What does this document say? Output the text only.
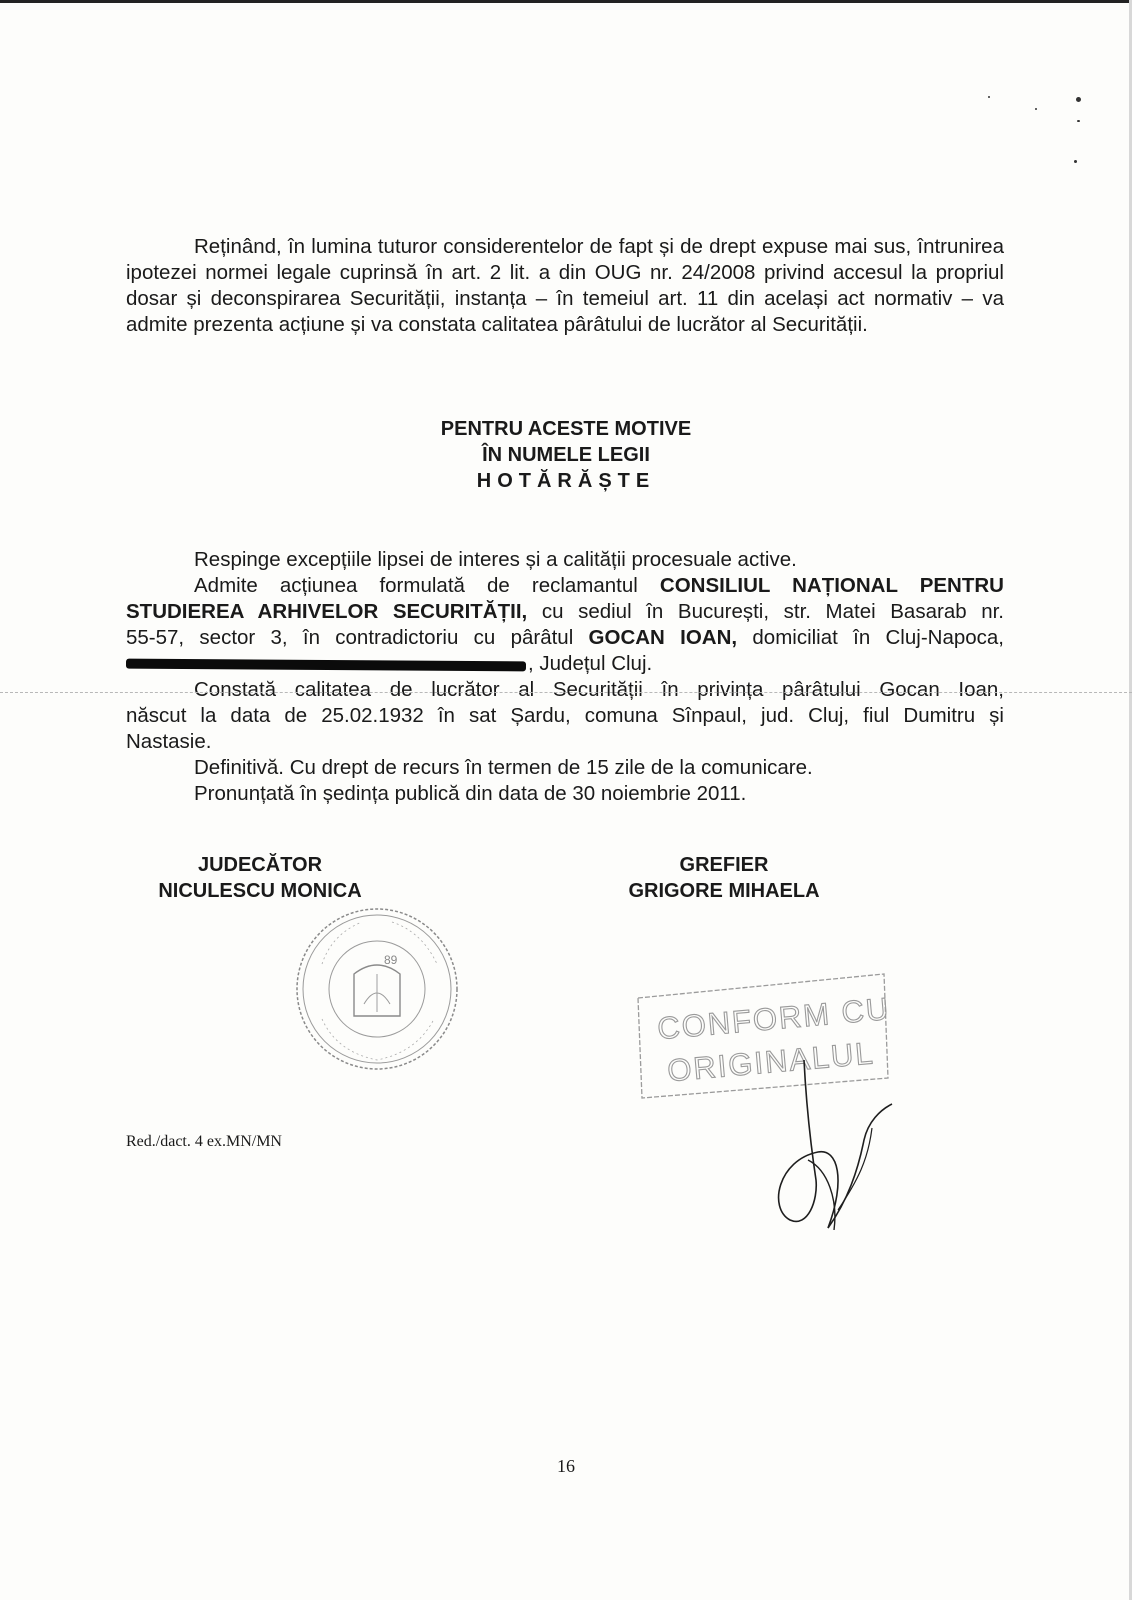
Reținând, în lumina tuturor considerentelor de fapt și de drept expuse mai sus, întrunirea ipotezei normei legale cuprinsă în art. 2 lit. a din OUG nr. 24/2008 privind accesul la propriul dosar și deconspirarea Securității, instanța – în temeiul art. 11 din același act normativ – va admite prezenta acțiune și va constata calitatea pârâtului de lucrător al Securității.

PENTRU ACESTE MOTIVE
ÎN NUMELE LEGII
HOTĂRĂȘTE
Respinge excepțiile lipsei de interes și a calității procesuale active.
Admite acțiunea formulată de reclamantul CONSILIUL NAȚIONAL PENTRU
STUDIEREA ARHIVELOR SECURITĂȚII, cu sediul în București, str. Matei Basarab nr.
55-57, sector 3, în contradictoriu cu pârâtul GOCAN IOAN, domiciliat în Cluj-Napoca,
, Județul Cluj.
Constată calitatea de lucrător al Securității în privința pârâtului Gocan Ioan,
născut la data de 25.02.1932 în sat Șardu, comuna Sînpaul, jud. Cluj, fiul Dumitru și
Nastasie.
Definitivă. Cu drept de recurs în termen de 15 zile de la comunicare.
Pronunțată în ședința publică din data de 30 noiembrie 2011.
JUDECĂTOR
NICULESCU MONICA
GREFIER
GRIGORE MIHAELA
89
CONFORM CU
ORIGINALUL
Red./dact. 4 ex.MN/MN
16
